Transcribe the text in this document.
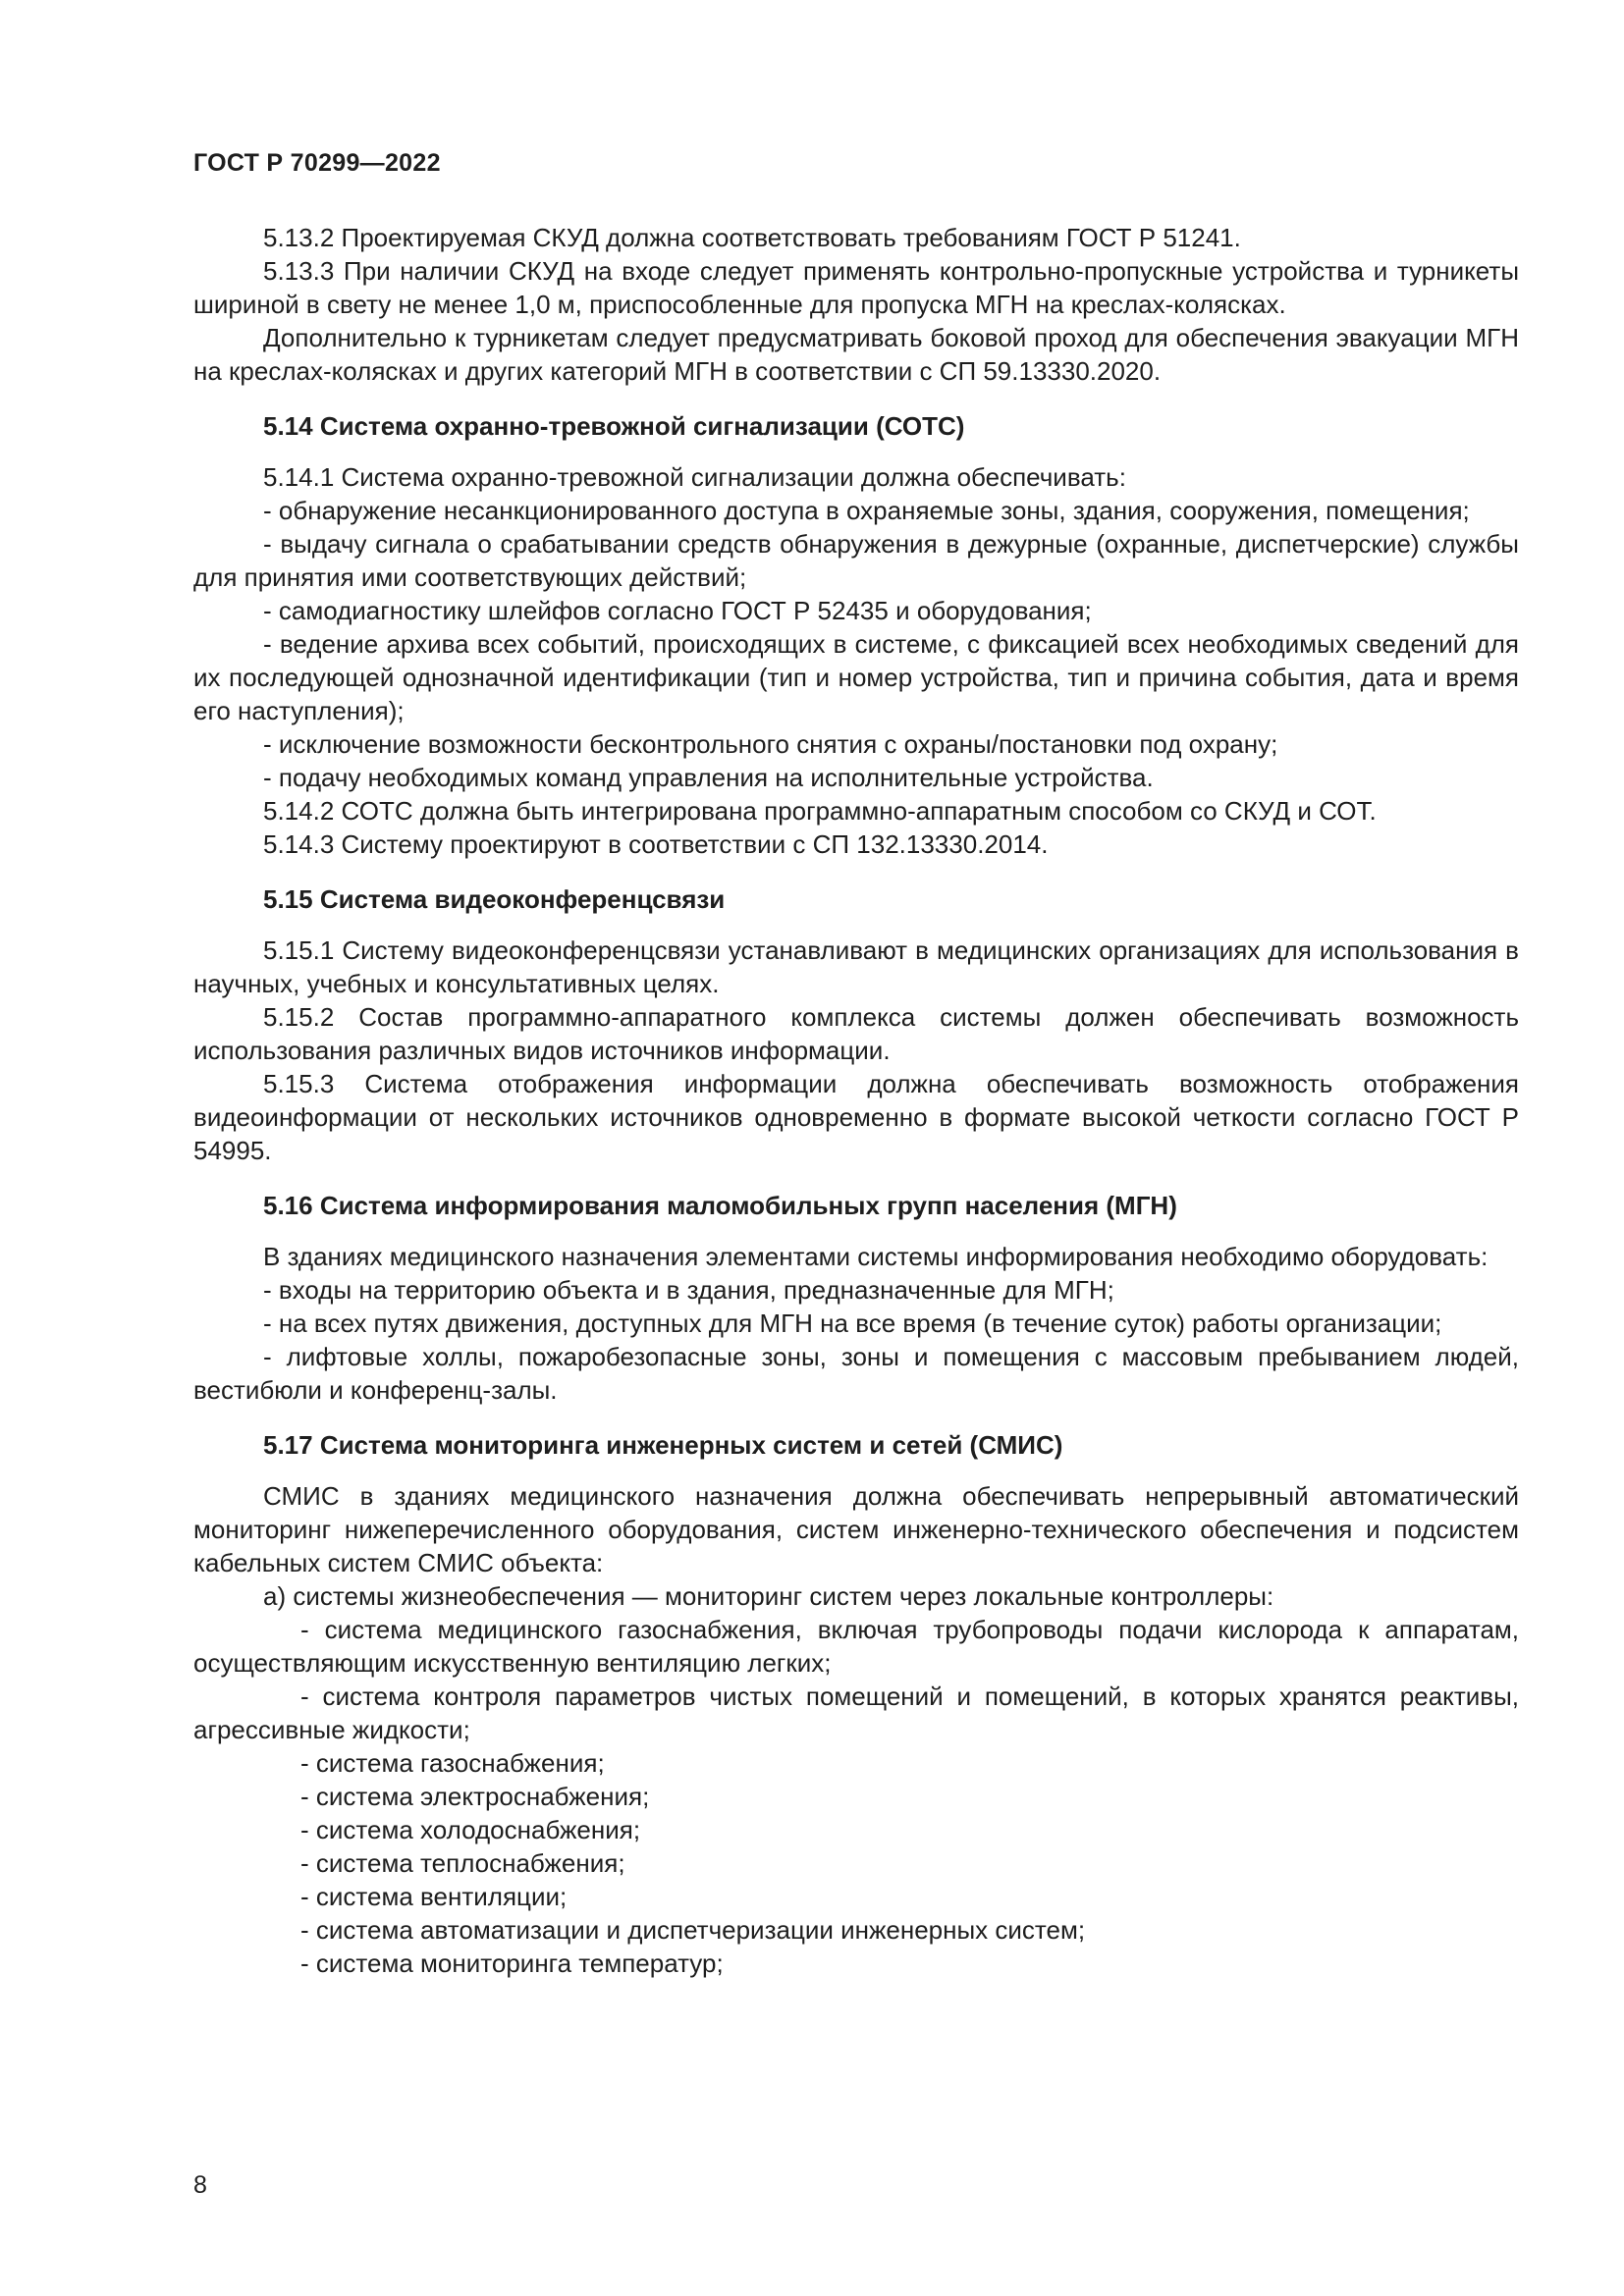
ГОСТ Р 70299—2022

5.13.2 Проектируемая СКУД должна соответствовать требованиям ГОСТ Р 51241.

5.13.3 При наличии СКУД на входе следует применять контрольно-пропускные устройства и турникеты шириной в свету не менее 1,0 м, приспособленные для пропуска МГН на креслах-колясках.

Дополнительно к турникетам следует предусматривать боковой проход для обеспечения эвакуации МГН на креслах-колясках и других категорий МГН в соответствии с СП 59.13330.2020.

5.14 Система охранно-тревожной сигнализации (СОТС)

5.14.1 Система охранно-тревожной сигнализации должна обеспечивать:

- обнаружение несанкционированного доступа в охраняемые зоны, здания, сооружения, помещения;

- выдачу сигнала о срабатывании средств обнаружения в дежурные (охранные, диспетчерские) службы для принятия ими соответствующих действий;

- самодиагностику шлейфов согласно ГОСТ Р 52435 и оборудования;

- ведение архива всех событий, происходящих в системе, с фиксацией всех необходимых сведений для их последующей однозначной идентификации (тип и номер устройства, тип и причина события, дата и время его наступления);

- исключение возможности бесконтрольного снятия с охраны/постановки под охрану;

- подачу необходимых команд управления на исполнительные устройства.

5.14.2 СОТС должна быть интегрирована программно-аппаратным способом со СКУД и СОТ.

5.14.3 Систему проектируют в соответствии с СП 132.13330.2014.

5.15 Система видеоконференцсвязи

5.15.1 Систему видеоконференцсвязи устанавливают в медицинских организациях для использования в научных, учебных и консультативных целях.

5.15.2 Состав программно-аппаратного комплекса системы должен обеспечивать возможность использования различных видов источников информации.

5.15.3 Система отображения информации должна обеспечивать возможность отображения видеоинформации от нескольких источников одновременно в формате высокой четкости согласно ГОСТ Р 54995.

5.16 Система информирования маломобильных групп населения (МГН)

В зданиях медицинского назначения элементами системы информирования необходимо оборудовать:

- входы на территорию объекта и в здания, предназначенные для МГН;

- на всех путях движения, доступных для МГН на все время (в течение суток) работы организации;

- лифтовые холлы, пожаробезопасные зоны, зоны и помещения с массовым пребыванием людей, вестибюли и конференц-залы.

5.17 Система мониторинга инженерных систем и сетей (СМИС)

СМИС в зданиях медицинского назначения должна обеспечивать непрерывный автоматический мониторинг нижеперечисленного оборудования, систем инженерно-технического обеспечения и подсистем кабельных систем СМИС объекта:

а) системы жизнеобеспечения — мониторинг систем через локальные контроллеры:

- система медицинского газоснабжения, включая трубопроводы подачи кислорода к аппаратам, осуществляющим искусственную вентиляцию легких;

- система контроля параметров чистых помещений и помещений, в которых хранятся реактивы, агрессивные жидкости;

- система газоснабжения;

- система электроснабжения;

- система холодоснабжения;

- система теплоснабжения;

- система вентиляции;

- система автоматизации и диспетчеризации инженерных систем;

- система мониторинга температур;

8
